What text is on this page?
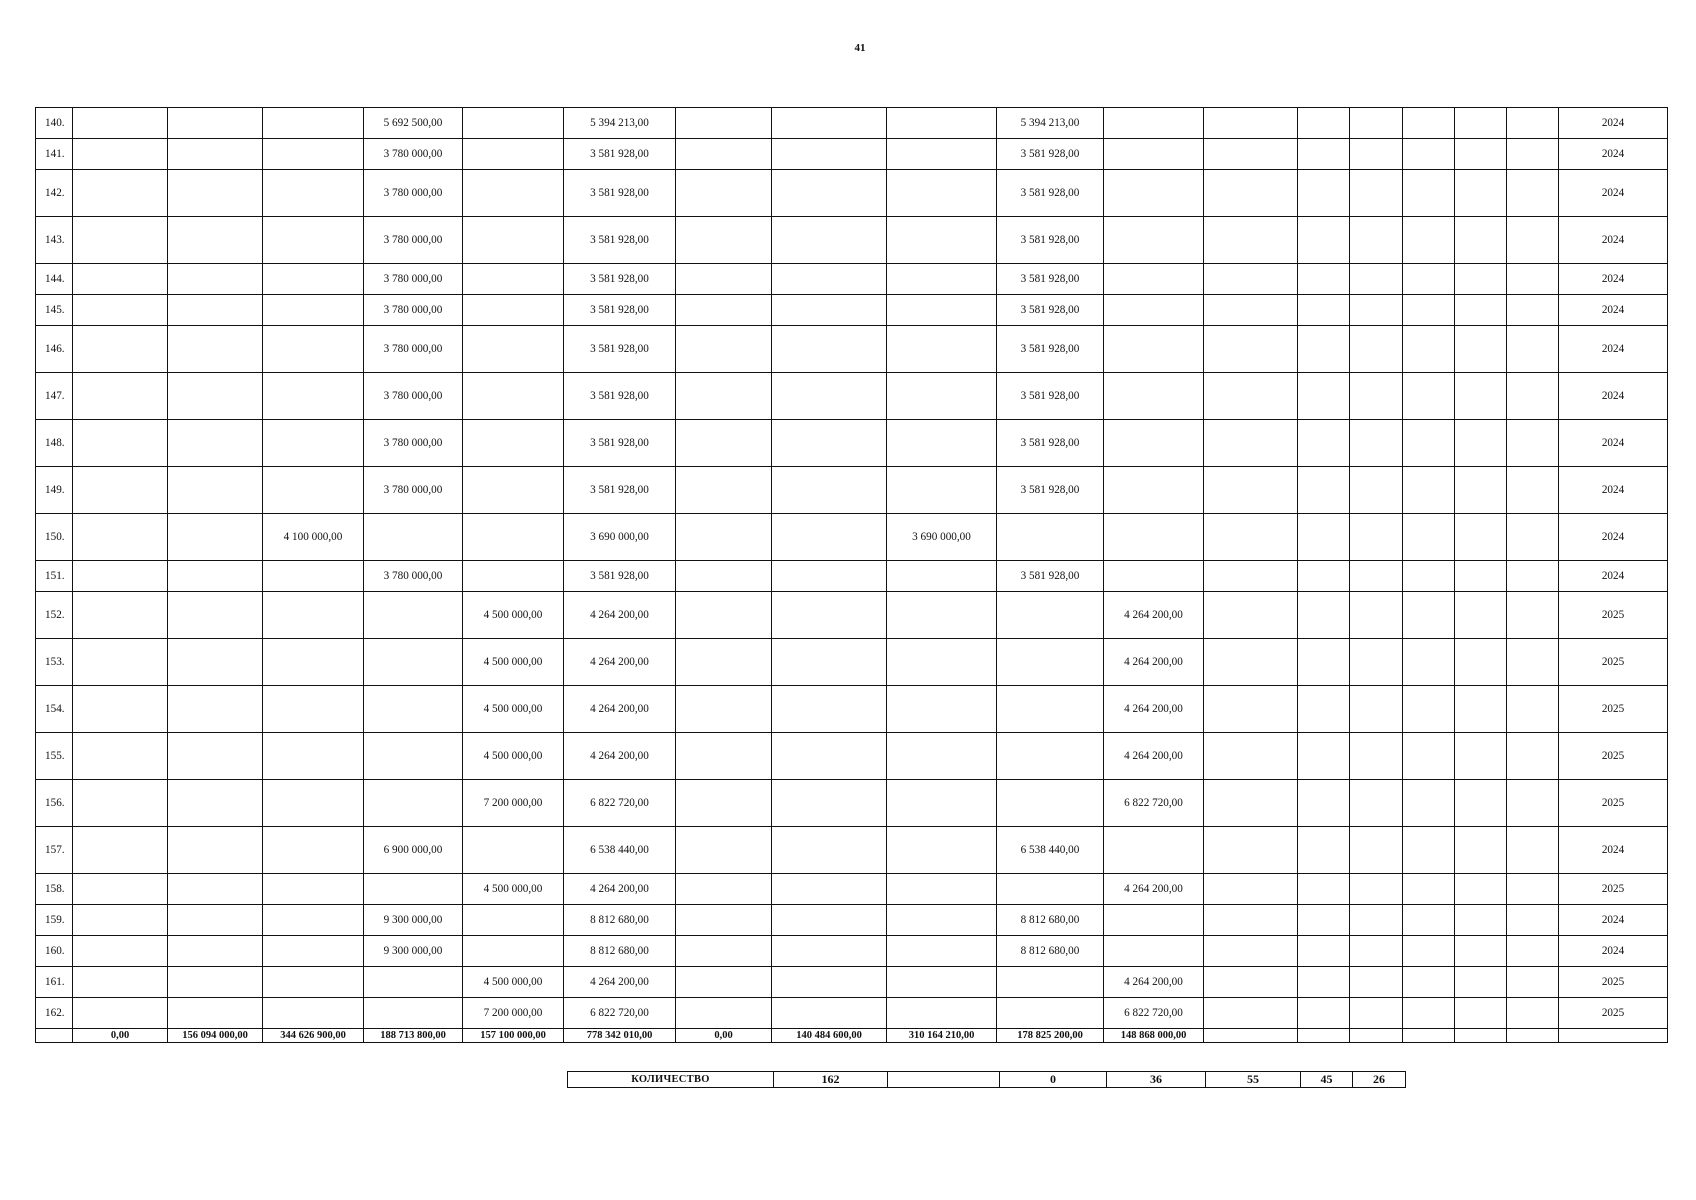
41
140.				5 692 500,00		5 394 213,00				5 394 213,00								2024
141.				3 780 000,00		3 581 928,00				3 581 928,00								2024
142.				3 780 000,00		3 581 928,00				3 581 928,00								2024
143.				3 780 000,00		3 581 928,00				3 581 928,00								2024
144.				3 780 000,00		3 581 928,00				3 581 928,00								2024
145.				3 780 000,00		3 581 928,00				3 581 928,00								2024
146.				3 780 000,00		3 581 928,00				3 581 928,00								2024
147.				3 780 000,00		3 581 928,00				3 581 928,00								2024
148.				3 780 000,00		3 581 928,00				3 581 928,00								2024
149.				3 780 000,00		3 581 928,00				3 581 928,00								2024
150.			4 100 000,00			3 690 000,00			3 690 000,00									2024
151.				3 780 000,00		3 581 928,00				3 581 928,00								2024
152.					4 500 000,00	4 264 200,00					4 264 200,00							2025
153.					4 500 000,00	4 264 200,00					4 264 200,00							2025
154.					4 500 000,00	4 264 200,00					4 264 200,00							2025
155.					4 500 000,00	4 264 200,00					4 264 200,00							2025
156.					7 200 000,00	6 822 720,00					6 822 720,00							2025
157.				6 900 000,00		6 538 440,00				6 538 440,00								2024
158.					4 500 000,00	4 264 200,00					4 264 200,00							2025
159.				9 300 000,00		8 812 680,00				8 812 680,00								2024
160.				9 300 000,00		8 812 680,00				8 812 680,00								2024
161.					4 500 000,00	4 264 200,00					4 264 200,00							2025
162.					7 200 000,00	6 822 720,00					6 822 720,00							2025
	0,00	156 094 000,00	344 626 900,00	188 713 800,00	157 100 000,00	778 342 010,00	0,00	140 484 600,00	310 164 210,00	178 825 200,00	148 868 000,00							
КОЛИЧЕСТВО	162		0	36	55	45	26
